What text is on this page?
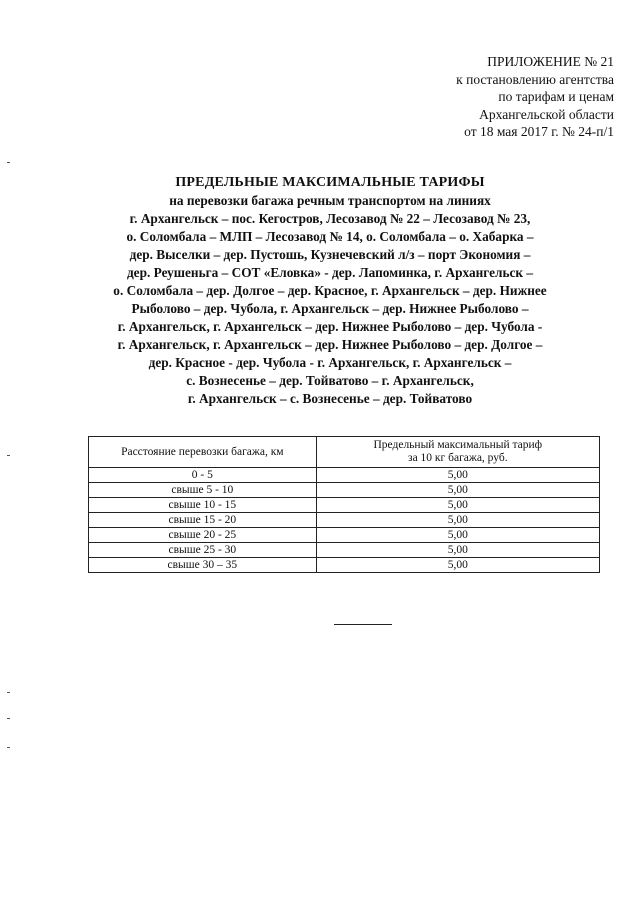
ПРИЛОЖЕНИЕ № 21
к постановлению агентства
по тарифам и ценам
Архангельской области
от 18 мая 2017 г. № 24-п/1
ПРЕДЕЛЬНЫЕ МАКСИМАЛЬНЫЕ ТАРИФЫ
на перевозки багажа речным транспортом на линиях
г. Архангельск – пос. Кегостров, Лесозавод № 22 – Лесозавод № 23,
о. Соломбала – МЛП – Лесозавод № 14, о. Соломбала – о. Хабарка –
дер. Выселки – дер. Пустошь, Кузнечевский л/з – порт Экономия –
дер. Реушеньга – СОТ «Еловка» - дер. Лапоминка, г. Архангельск –
о. Соломбала – дер. Долгое – дер. Красное, г. Архангельск – дер. Нижнее
Рыболово – дер. Чубола, г. Архангельск – дер. Нижнее Рыболово –
г. Архангельск, г. Архангельск – дер. Нижнее Рыболово – дер. Чубола -
г. Архангельск, г. Архангельск – дер. Нижнее Рыболово – дер. Долгое –
дер. Красное - дер. Чубола - г. Архангельск, г. Архангельск –
с. Вознесенье – дер. Тойватово – г. Архангельск,
г. Архангельск – с. Вознесенье – дер. Тойватово
Расстояние перевозки багажа, км	Предельный максимальный тариф
за 10 кг багажа, руб.

0 - 5	5,00
свыше 5 - 10	5,00
свыше 10 - 15	5,00
свыше 15 - 20	5,00
свыше 20 - 25	5,00
свыше 25 - 30	5,00
свыше 30 – 35	5,00
